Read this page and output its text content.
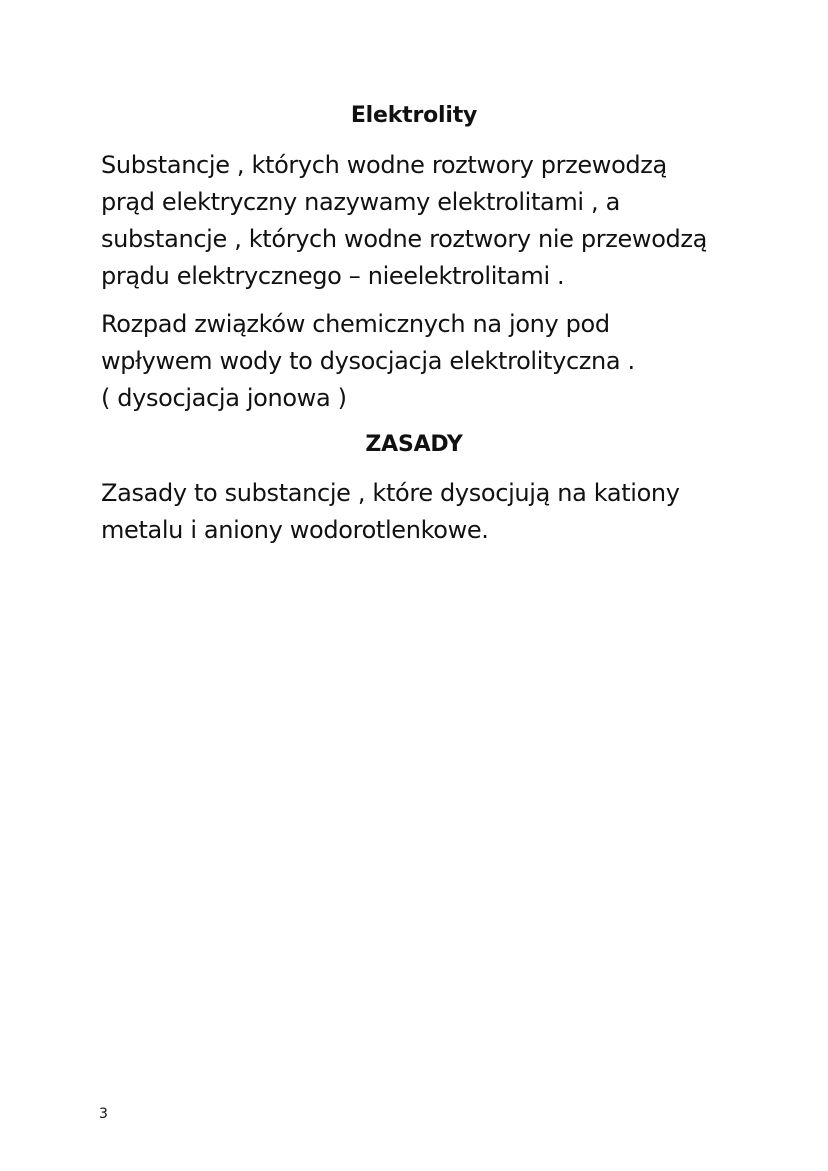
Elektrolity
Substancje , których wodne roztwory przewodzą
prąd elektryczny nazywamy elektrolitami , a
substancje , których wodne roztwory nie przewodzą
prądu elektrycznego – nieelektrolitami .
Rozpad związków chemicznych na jony pod
wpływem wody to dysocjacja elektrolityczna .
( dysocjacja jonowa )
ZASADY
Zasady to substancje , które dysocjują na kationy
metalu i aniony wodorotlenkowe.
3
